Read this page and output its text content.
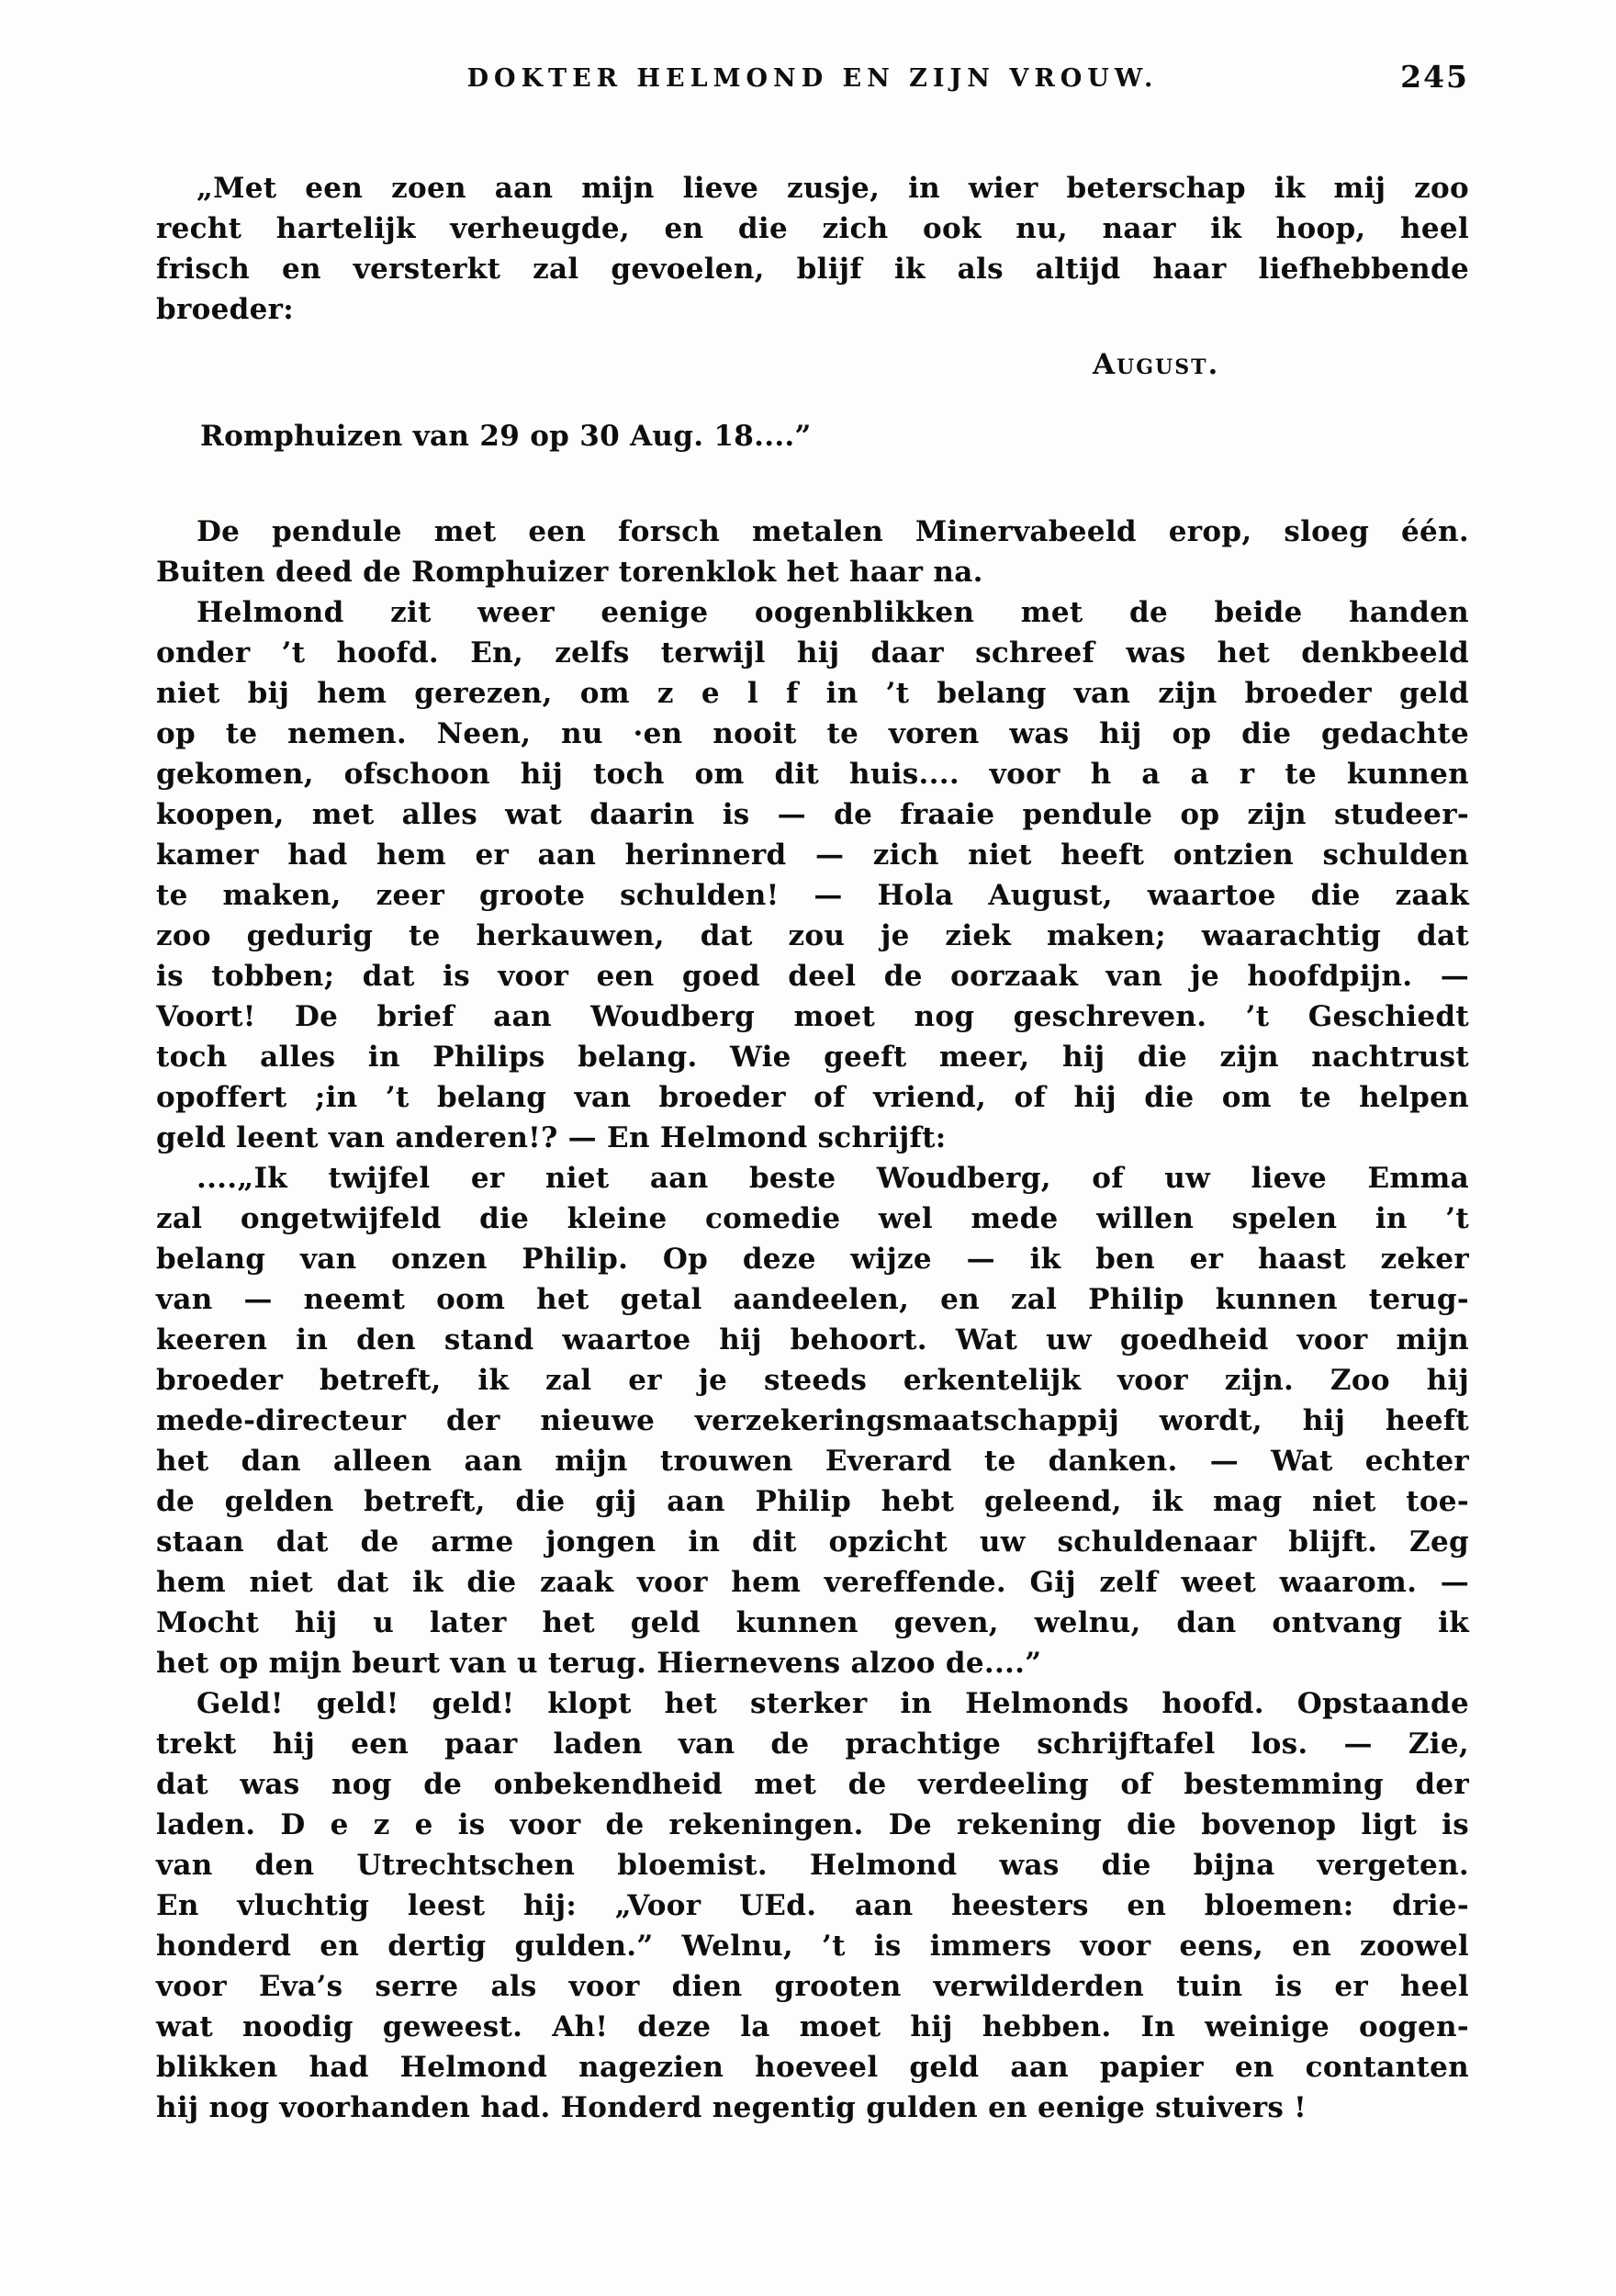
DOKTER HELMOND EN ZIJN VROUW.	245
„Met een zoen aan mijn lieve zusje, in wier beterschap ik mij zoo
recht hartelijk verheugde, en die zich ook nu, naar ik hoop, heel
frisch en versterkt zal gevoelen, blijf ik als altijd haar liefhebbende
broeder:
August.
Romphuizen van 29 op 30 Aug. 18....”
De pendule met een forsch metalen Minervabeeld erop, sloeg één.
Buiten deed de Romphuizer torenklok het haar na.
Helmond zit weer eenige oogenblikken met de beide handen
onder ’t hoofd. En, zelfs terwijl hij daar schreef was het denkbeeld
niet bij hem gerezen, om z e l f in ’t belang van zijn broeder geld
op te nemen. Neen, nu ·en nooit te voren was hij op die gedachte
gekomen, ofschoon hij toch om dit huis.... voor h a a r te kunnen
koopen, met alles wat daarin is — de fraaie pendule op zijn studeer-
kamer had hem er aan herinnerd — zich niet heeft ontzien schulden
te maken, zeer groote schulden! — Hola August, waartoe die zaak
zoo gedurig te herkauwen, dat zou je ziek maken; waarachtig dat
is tobben; dat is voor een goed deel de oorzaak van je hoofdpijn. —
Voort! De brief aan Woudberg moet nog geschreven. ’t Geschiedt
toch alles in Philips belang. Wie geeft meer, hij die zijn nachtrust
opoffert ;in ’t belang van broeder of vriend, of hij die om te helpen
geld leent van anderen!? — En Helmond schrijft:
....„Ik twijfel er niet aan beste Woudberg, of uw lieve Emma
zal ongetwijfeld die kleine comedie wel mede willen spelen in ’t
belang van onzen Philip. Op deze wijze — ik ben er haast zeker
van — neemt oom het getal aandeelen, en zal Philip kunnen terug-
keeren in den stand waartoe hij behoort. Wat uw goedheid voor mijn
broeder betreft, ik zal er je steeds erkentelijk voor zijn. Zoo hij
mede-directeur der nieuwe verzekeringsmaatschappij wordt, hij heeft
het dan alleen aan mijn trouwen Everard te danken. — Wat echter
de gelden betreft, die gij aan Philip hebt geleend, ik mag niet toe-
staan dat de arme jongen in dit opzicht uw schuldenaar blijft. Zeg
hem niet dat ik die zaak voor hem vereffende. Gij zelf weet waarom. —
Mocht hij u later het geld kunnen geven, welnu, dan ontvang ik
het op mijn beurt van u terug. Hiernevens alzoo de....”
Geld! geld! geld! klopt het sterker in Helmonds hoofd. Opstaande
trekt hij een paar laden van de prachtige schrijftafel los. — Zie,
dat was nog de onbekendheid met de verdeeling of bestemming der
laden. D e z e is voor de rekeningen. De rekening die bovenop ligt is
van den Utrechtschen bloemist. Helmond was die bijna vergeten.
En vluchtig leest hij: „Voor UEd. aan heesters en bloemen: drie-
honderd en dertig gulden.” Welnu, ’t is immers voor eens, en zoowel
voor Eva’s serre als voor dien grooten verwilderden tuin is er heel
wat noodig geweest. Ah! deze la moet hij hebben. In weinige oogen-
blikken had Helmond nagezien hoeveel geld aan papier en contanten
hij nog voorhanden had. Honderd negentig gulden en eenige stuivers !
